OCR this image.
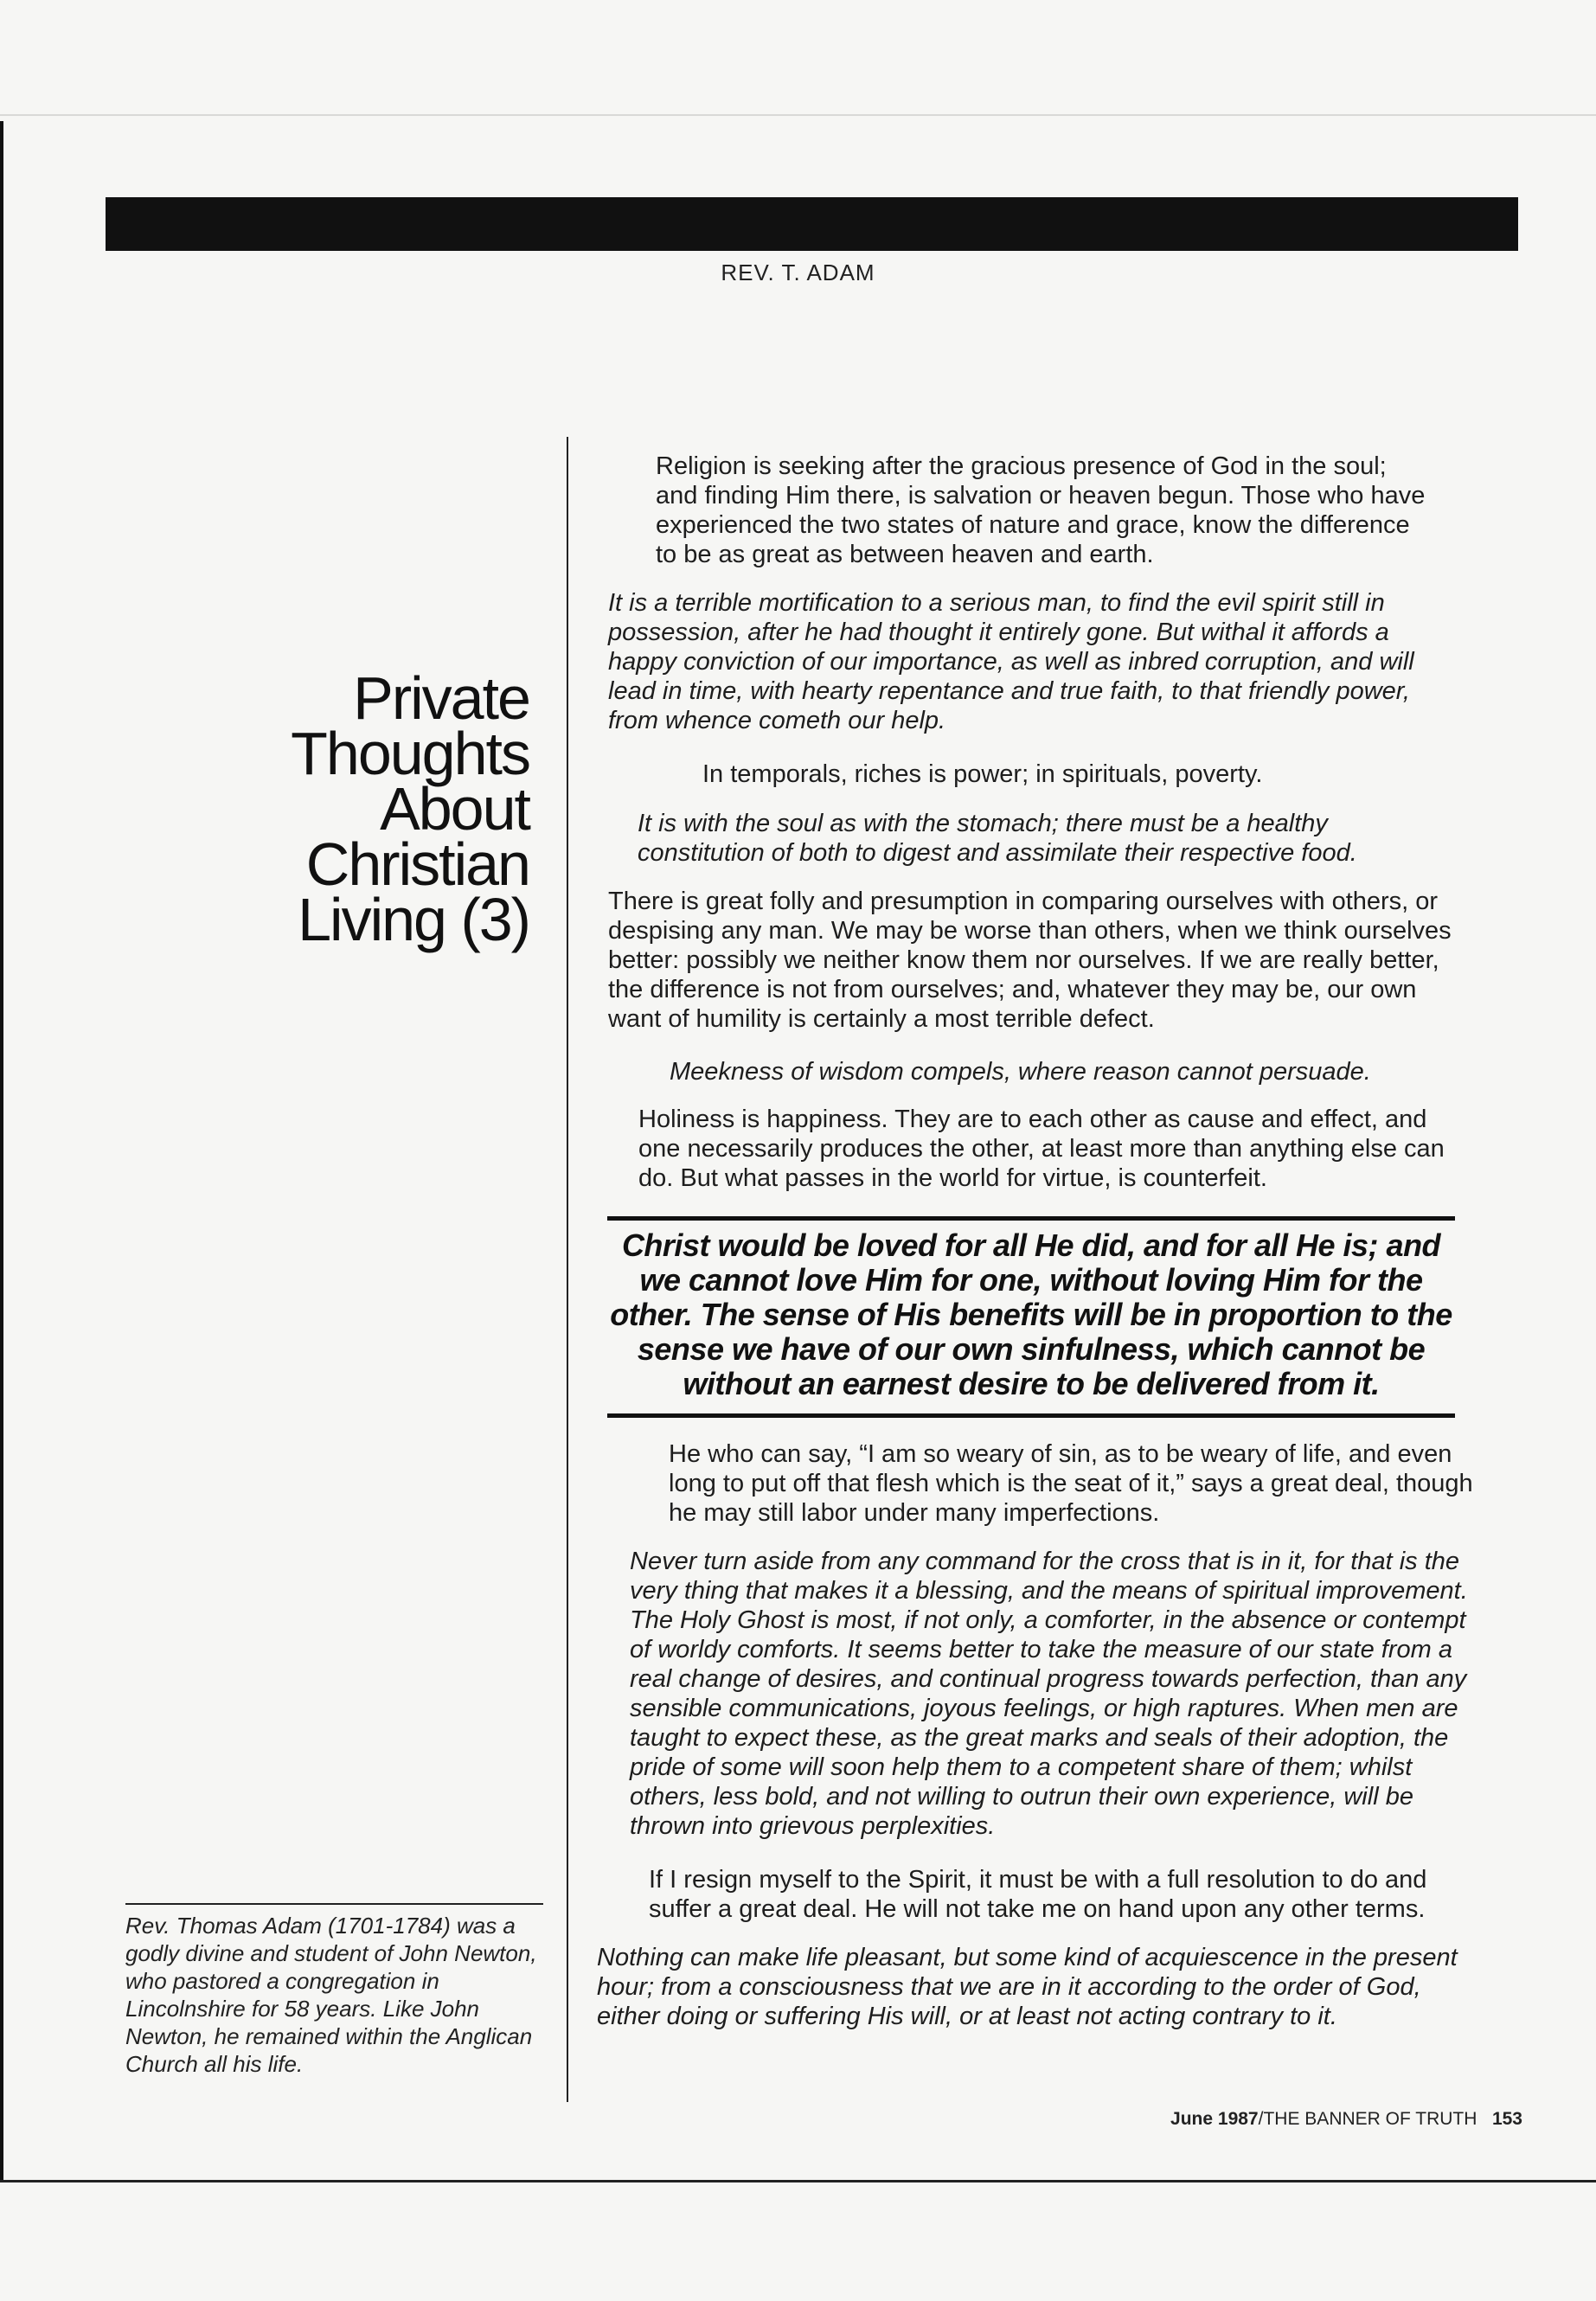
REV. T. ADAM
Private Thoughts About Christian Living (3)

Rev. Thomas Adam (1701-1784) was a godly divine and student of John Newton, who pastored a congregation in Lincolnshire for 58 years. Like John Newton, he remained within the Anglican Church all his life.

Religion is seeking after the gracious presence of God in the soul; and finding Him there, is salvation or heaven begun. Those who have experienced the two states of nature and grace, know the difference to be as great as between heaven and earth.

It is a terrible mortification to a serious man, to find the evil spirit still in possession, after he had thought it entirely gone. But withal it affords a happy conviction of our importance, as well as inbred corruption, and will lead in time, with hearty repentance and true faith, to that friendly power, from whence cometh our help.

In temporals, riches is power; in spirituals, poverty.

It is with the soul as with the stomach; there must be a healthy constitution of both to digest and assimilate their respective food.

There is great folly and presumption in comparing ourselves with others, or despising any man. We may be worse than others, when we think ourselves better: possibly we neither know them nor ourselves. If we are really better, the difference is not from ourselves; and, whatever they may be, our own want of humility is certainly a most terrible defect.

Meekness of wisdom compels, where reason cannot persuade.

Holiness is happiness. They are to each other as cause and effect, and one necessarily produces the other, at least more than anything else can do. But what passes in the world for virtue, is counterfeit.

Christ would be loved for all He did, and for all He is; and we cannot love Him for one, without loving Him for the other. The sense of His benefits will be in proportion to the sense we have of our own sinfulness, which cannot be without an earnest desire to be delivered from it.

He who can say, “I am so weary of sin, as to be weary of life, and even long to put off that flesh which is the seat of it,” says a great deal, though he may still labor under many imperfections.

Never turn aside from any command for the cross that is in it, for that is the very thing that makes it a blessing, and the means of spiritual improvement. The Holy Ghost is most, if not only, a comforter, in the absence or contempt of worldy comforts. It seems better to take the measure of our state from a real change of desires, and continual progress towards perfection, than any sensible communications, joyous feelings, or high raptures. When men are taught to expect these, as the great marks and seals of their adoption, the pride of some will soon help them to a competent share of them; whilst others, less bold, and not willing to outrun their own experience, will be thrown into grievous perplexities.

If I resign myself to the Spirit, it must be with a full resolution to do and suffer a great deal. He will not take me on hand upon any other terms.

Nothing can make life pleasant, but some kind of acquiescence in the present hour; from a consciousness that we are in it according to the order of God, either doing or suffering His will, or at least not acting contrary to it.

June 1987/THE BANNER OF TRUTH 153
